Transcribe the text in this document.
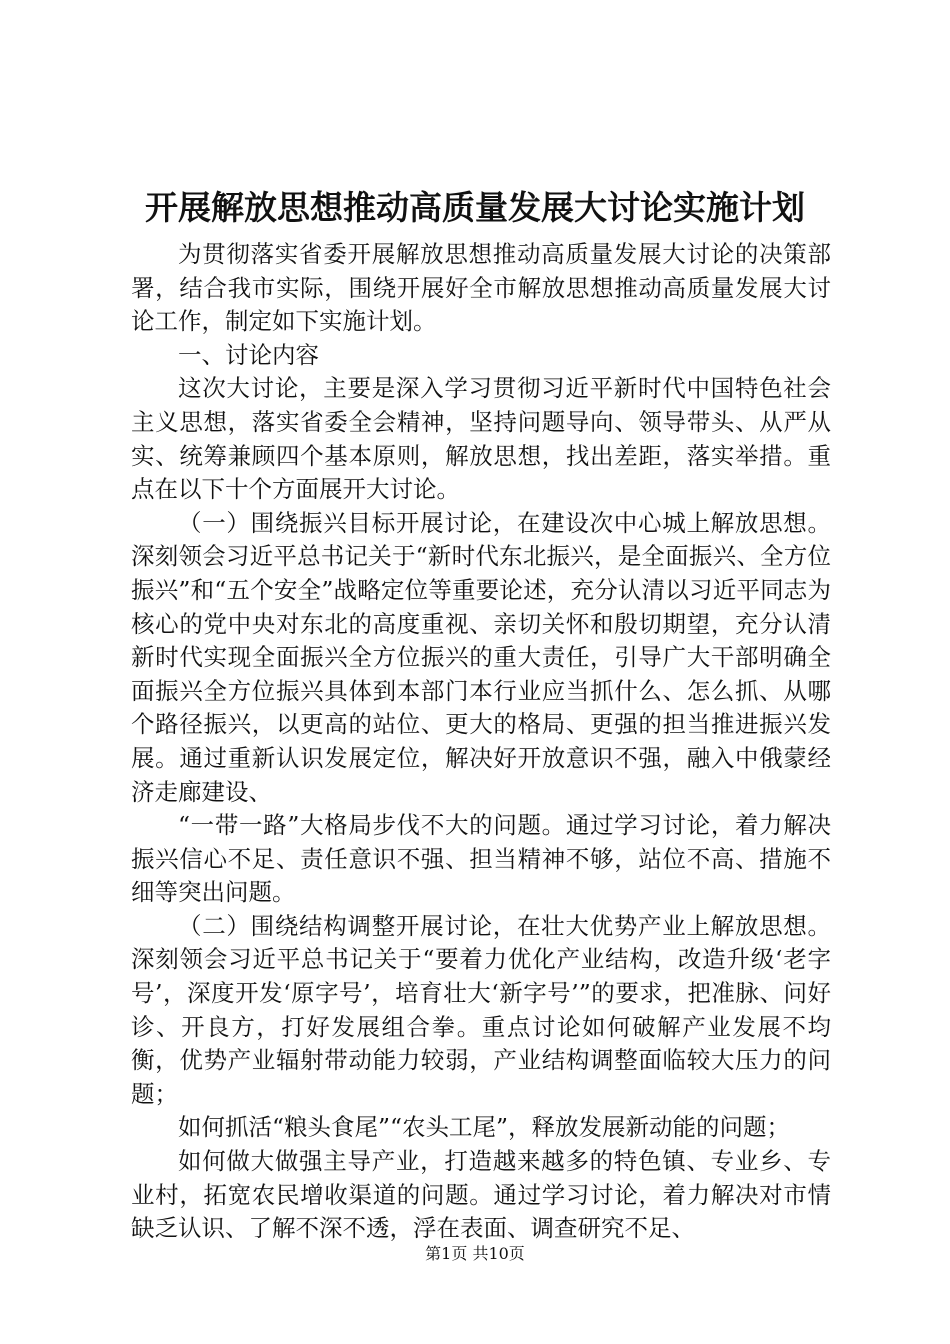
开展解放思想推动高质量发展大讨论实施计划

为贯彻落实省委开展解放思想推动高质量发展大讨论的决策部署，结合我市实际，围绕开展好全市解放思想推动高质量发展大讨论工作，制定如下实施计划。

一、讨论内容

这次大讨论，主要是深入学习贯彻习近平新时代中国特色社会主义思想，落实省委全会精神，坚持问题导向、领导带头、从严从实、统筹兼顾四个基本原则，解放思想，找出差距，落实举措。重点在以下十个方面展开大讨论。

（一）围绕振兴目标开展讨论，在建设次中心城上解放思想。深刻领会习近平总书记关于“新时代东北振兴，是全面振兴、全方位振兴”和“五个安全”战略定位等重要论述，充分认清以习近平同志为核心的党中央对东北的高度重视、亲切关怀和殷切期望，充分认清新时代实现全面振兴全方位振兴的重大责任，引导广大干部明确全面振兴全方位振兴具体到本部门本行业应当抓什么、怎么抓、从哪个路径振兴，以更高的站位、更大的格局、更强的担当推进振兴发展。通过重新认识发展定位，解决好开放意识不强，融入中俄蒙经济走廊建设、

“一带一路”大格局步伐不大的问题。通过学习讨论，着力解决振兴信心不足、责任意识不强、担当精神不够，站位不高、措施不细等突出问题。

（二）围绕结构调整开展讨论，在壮大优势产业上解放思想。深刻领会习近平总书记关于“要着力优化产业结构，改造升级‘老字号’，深度开发‘原字号’，培育壮大‘新字号’”的要求，把准脉、问好诊、开良方，打好发展组合拳。重点讨论如何破解产业发展不均衡，优势产业辐射带动能力较弱，产业结构调整面临较大压力的问题；

如何抓活“粮头食尾”“农头工尾”，释放发展新动能的问题；

如何做大做强主导产业，打造越来越多的特色镇、专业乡、专业村，拓宽农民增收渠道的问题。通过学习讨论，着力解决对市情缺乏认识、了解不深不透，浮在表面、调查研究不足、

第1页 共10页
